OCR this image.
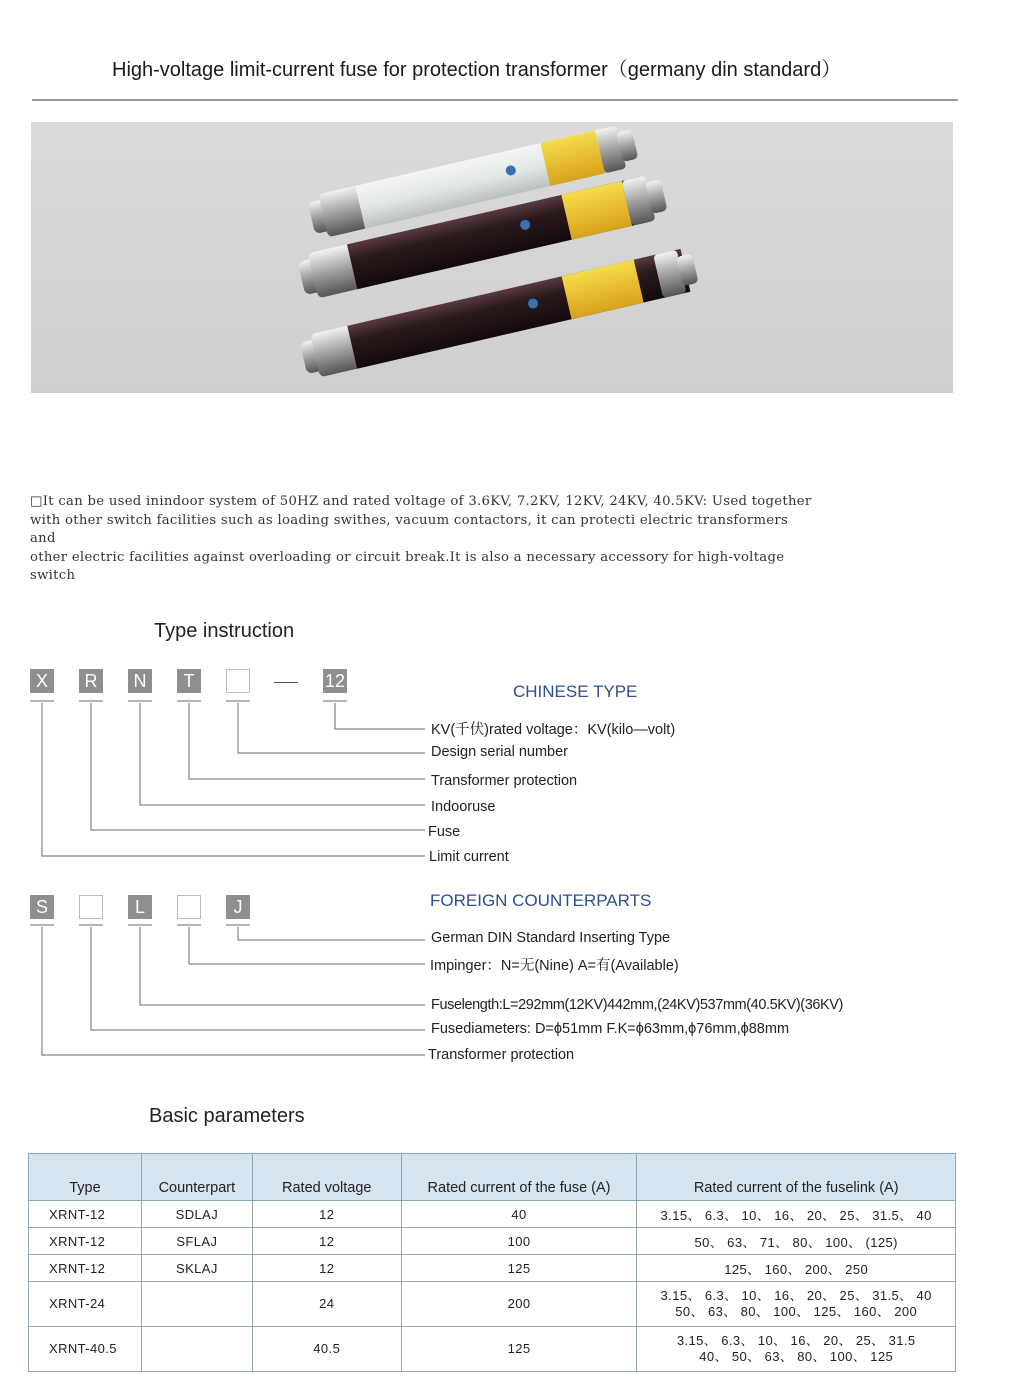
High-voltage limit-current fuse for protection transformer（germany din standard）
□It can be used inindoor system of 50HZ and rated voltage of 3.6KV, 7.2KV, 12KV, 24KV, 40.5KV: Used together
with other switch facilities such as loading swithes, vacuum contactors, it can protecti electric transformers
and
other electric facilities against overloading or circuit break.It is also a necessary accessory for high-voltage
switch
Type instruction
X	R	N	T	12
CHINESE TYPE
KV(千伏)rated voltage：KV(kilo—volt)
Design serial number
Transformer protection
Indooruse
Fuse
Limit current
S	L	J	FOREIGN COUNTERPARTS
German DIN Standard Inserting Type
Impinger：N=无(Nine) A=有(Available)
Fuselength:L=292mm(12KV)442mm,(24KV)537mm(40.5KV)(36KV)
Fusediameters: D=ϕ51mm F.K=ϕ63mm,ϕ76mm,ϕ88mm
Transformer protection
Basic parameters
Type	Counterpart	Rated voltage	Rated current of the fuse (A)	Rated current of the fuselink (A)
XRNT-12	SDLAJ	12	40	3.15、 6.3、 10、 16、 20、 25、 31.5、 40
XRNT-12	SFLAJ	12	100	50、 63、 71、 80、 100、 (125)
XRNT-12	SKLAJ	12	125	125、 160、 200、 250
XRNT-24		24	200	3.15、 6.3、 10、 16、 20、 25、 31.5、 40
50、 63、 80、 100、 125、 160、 200

XRNT-40.5		40.5	125	3.15、 6.3、 10、 16、 20、 25、 31.5
40、 50、 63、 80、 100、 125
